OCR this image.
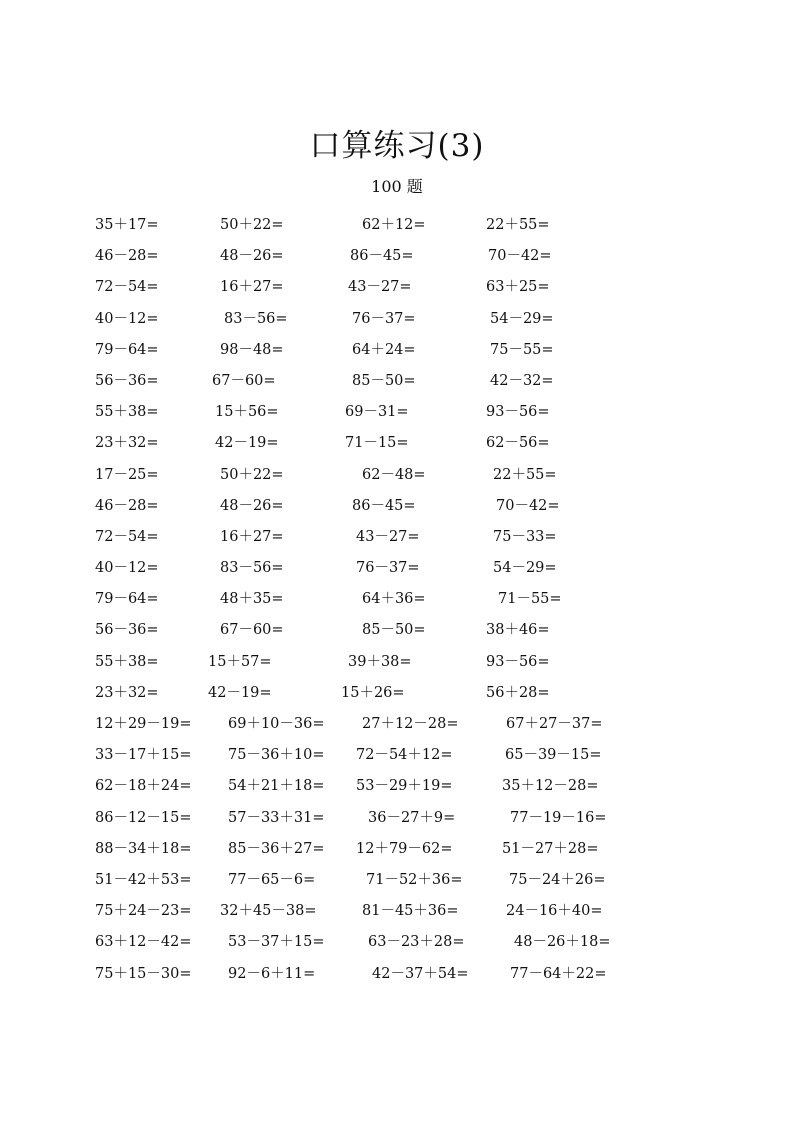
口算练习(3)
100 题
35＋17=	50＋22=	62＋12=	22＋55=
46－28=	48－26=	86－45=	70－42=
72－54=	16＋27=	43－27=	63＋25=
40－12=	83－56=	76－37=	54－29=
79－64=	98－48=	64＋24=	75－55=
56－36=	67－60=	85－50=	42－32=
55＋38=	15＋56=	69－31=	93－56=
23＋32=	42－19=	71－15=	62－56=
17－25=	50＋22=	62－48=	22＋55=
46－28=	48－26=	86－45=	70－42=
72－54=	16＋27=	43－27=	75－33=
40－12=	83－56=	76－37=	54－29=
79－64=	48＋35=	64＋36=	71－55=
56－36=	67－60=	85－50=	38＋46=
55＋38=	15＋57=	39＋38=	93－56=
23＋32=	42－19=	15＋26=	56＋28=
12＋29－19=	69＋10－36=	27＋12－28=	67＋27－37=
33－17＋15=	75－36＋10= 72－54＋12=	65－39－15=
62－18＋24=	54＋21＋18= 53－29＋19=	35＋12－28=
86－12－15=	57－33＋31=	36－27＋9=	77－19－16=
88－34＋18=	85－36＋27= 12＋79－62=	51－27＋28=
51－42＋53=	77－65－6=	71－52＋36=	75－24＋26=
75＋24－23= 32＋45－38=	81－45＋36=	24－16＋40=
63＋12－42=	53－37＋15=	63－23＋28=	48－26＋18=
75＋15－30=	92－6＋11=	42－37＋54=	77－64＋22=
